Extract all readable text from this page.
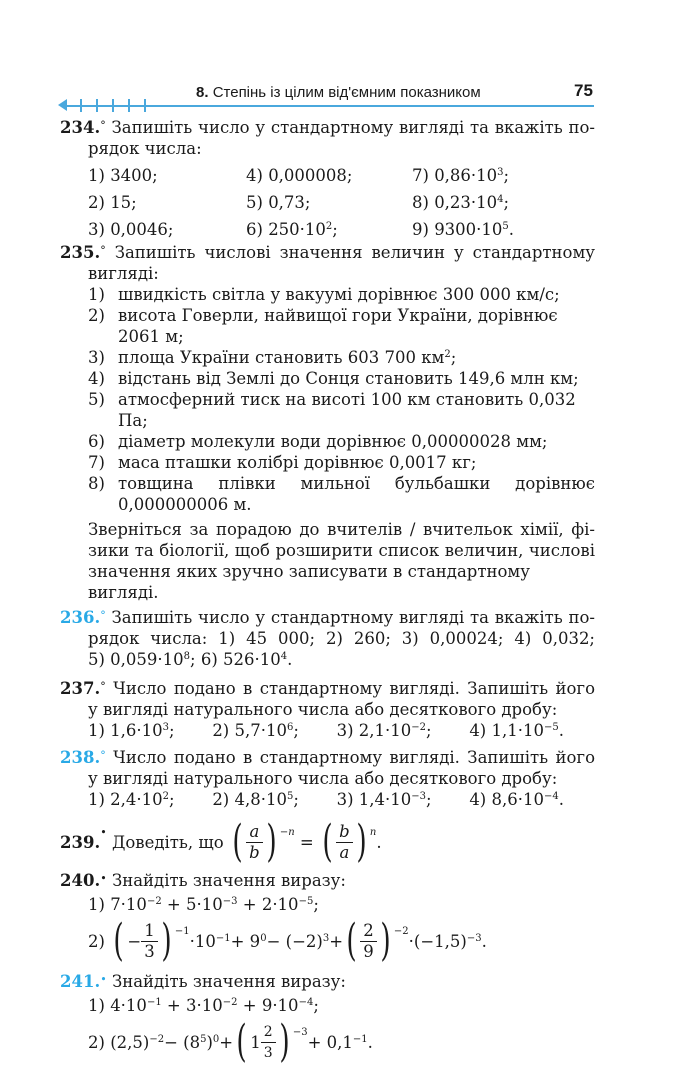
8. Степінь із цілим від'ємним показником	75
234.° Запишіть число у стандартному вигляді та вкажіть по-
рядок числа:
1) 3400;	4) 0,000008;	7) $0,86\cdot 10^3$;
2) 15;	5) 0,73;	8) $0,23\cdot 10^4$;
3) 0,0046;	6) $250\cdot 10^2$;	9) $9300\cdot 10^5$.
235.° Запишіть числові значення величин у стандартному
вигляді:
1) швидкість світла у вакуумі дорівнює 300 000 км/с;
2) висота Говерли, найвищої гори України, дорівнює 2061 м;
3) площа України становить 603 700 $км^2$;
4) відстань від Землі до Сонця становить 149,6 млн км;
5) атмосферний тиск на висоті 100 км становить 0,032 Па;
6) діаметр молекули води дорівнює 0,00000028 мм;
7) маса пташки колібрі дорівнює 0,0017 кг;
8) товщина плівки мильної бульбашки дорівнює
0,000000006 м.
Зверніться за порадою до вчителів / вчительок хімії, фі-
зики та біології, щоб розширити список величин, числові
значення яких зручно записувати в стандартному вигляді.
236.° Запишіть число у стандартному вигляді та вкажіть по-
рядок числа: 1) 45 000; 2) 260; 3) 0,00024; 4) 0,032;
5) $0,059\cdot 10^8$; 6) $526\cdot 10^4$.
237.° Число подано в стандартному вигляді. Запишіть його
у вигляді натурального числа або десяткового дробу:
1) $1,6\cdot 10^3$; 2) $5,7\cdot 10^6$; 3) $2,1\cdot 10^{-2}$; 4) $1,1\cdot 10^{-5}$.
238.° Число подано в стандартному вигляді. Запишіть його
у вигляді натурального числа або десяткового дробу:
1) $2,4\cdot 10^2$; 2) $4,8\cdot 10^5$; 3) $1,4\cdot 10^{-3}$; 4) $8,6\cdot 10^{-4}$.
239.
•

Доведіть, що
( $\frac{a}{b}$ ) −n
=
( $\frac{b}{a}$ ) n .
240.• Знайдіть значення виразу:
1) $7\cdot 10^{-2} + 5\cdot 10^{-3} + 2\cdot 10^{-5}$;
2)
( − $\frac{1}{3}$ ) $-1 \cdot 10^{-1} + 9^0 - (-2)^3$ + ( $\frac{2}{9}$ ) $-2 \cdot(-1,5)^{-3}$ .
241.• Знайдіть значення виразу:
1) $4\cdot 10^{-1} + 3\cdot 10^{-2} + 9\cdot 10^{-4}$;
2)
$(2,5)^{-2} - (8^5$ )$^0$ + ( $1 \frac{2}{3}$ ) $-3 + 0,1^{-1}$ .
